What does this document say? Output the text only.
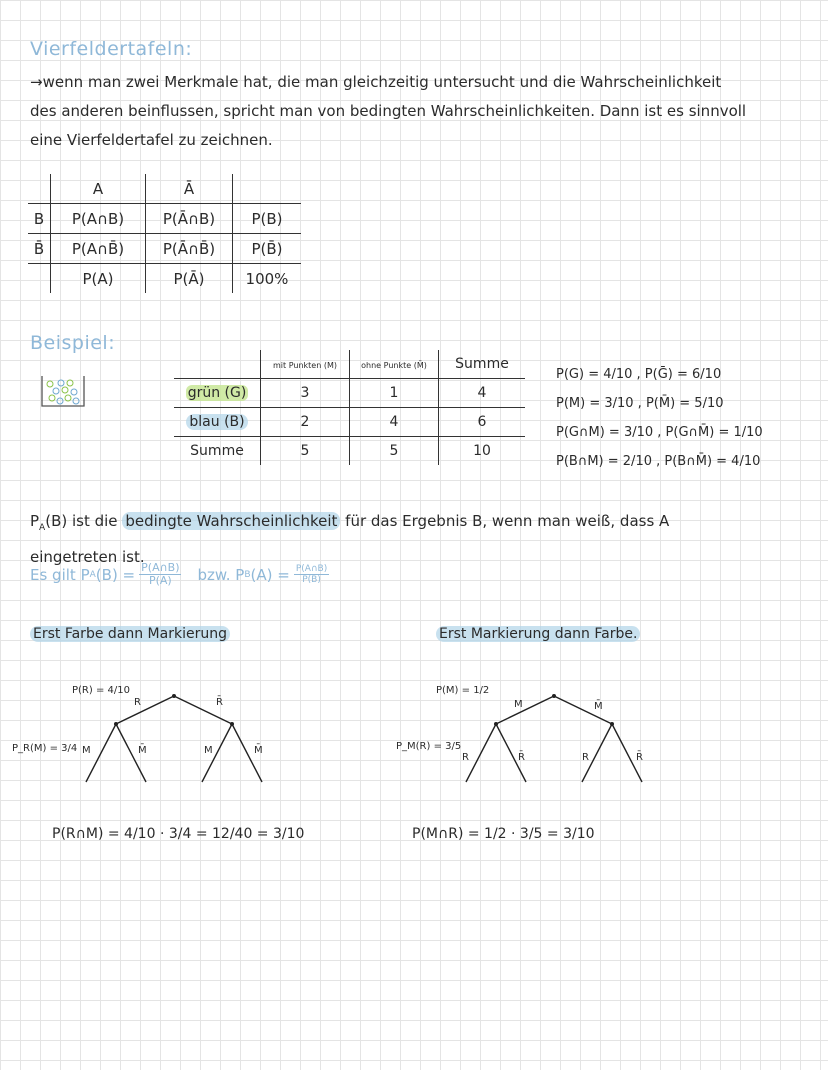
Vierfeldertafeln:
→wenn man zwei Merkmale hat, die man gleichzeitig untersucht und die Wahrscheinlichkeit
des anderen beinflussen, spricht man von bedingten Wahrscheinlichkeiten. Dann ist es sinnvoll
eine Vierfeldertafel zu zeichnen.
	A	Ā	
B	P(A∩B)	P(Ā∩B)	P(B)
B̄	P(A∩B̄)	P(Ā∩B̄)	P(B̄)
	P(A)	P(Ā)	100%
Beispiel:
	mit Punkten (M)	ohne Punkte (M̄)	Summe
grün (G)	3	1	4
blau (B)	2	4	6
Summe	5	5	10
P(G) = 4/10 , P(Ḡ) = 6/10
P(M) = 3/10 , P(M̄) = 5/10
P(G∩M) = 3/10 , P(G∩M̄) = 1/10
P(B∩M) = 2/10 , P(B∩M̄) = 4/10
$P_A(B)$ ist die bedingte Wahrscheinlichkeit für das Ergebnis B, wenn man weiß, dass A
eingetreten ist.
Es gilt P A $(B) = \frac{P(A\cap B)}{P(A)}$ bzw. P B $(A) = \frac{P(A\cap B)}{P(B)}$
Erst Farbe dann Markierung
P(R) = 4/10
R	R̄
P_R(M) = 3/4 M	M̄	M	M̄
P(R∩M) = 4/10 · 3/4 = 12/40 = 3/10
Erst Markierung dann Farbe.
P(M) = 1/2
M	M̄
P_M(R) = 3/5
R	R̄	R	R̄
P(M∩R) = 1/2 · 3/5 = 3/10
